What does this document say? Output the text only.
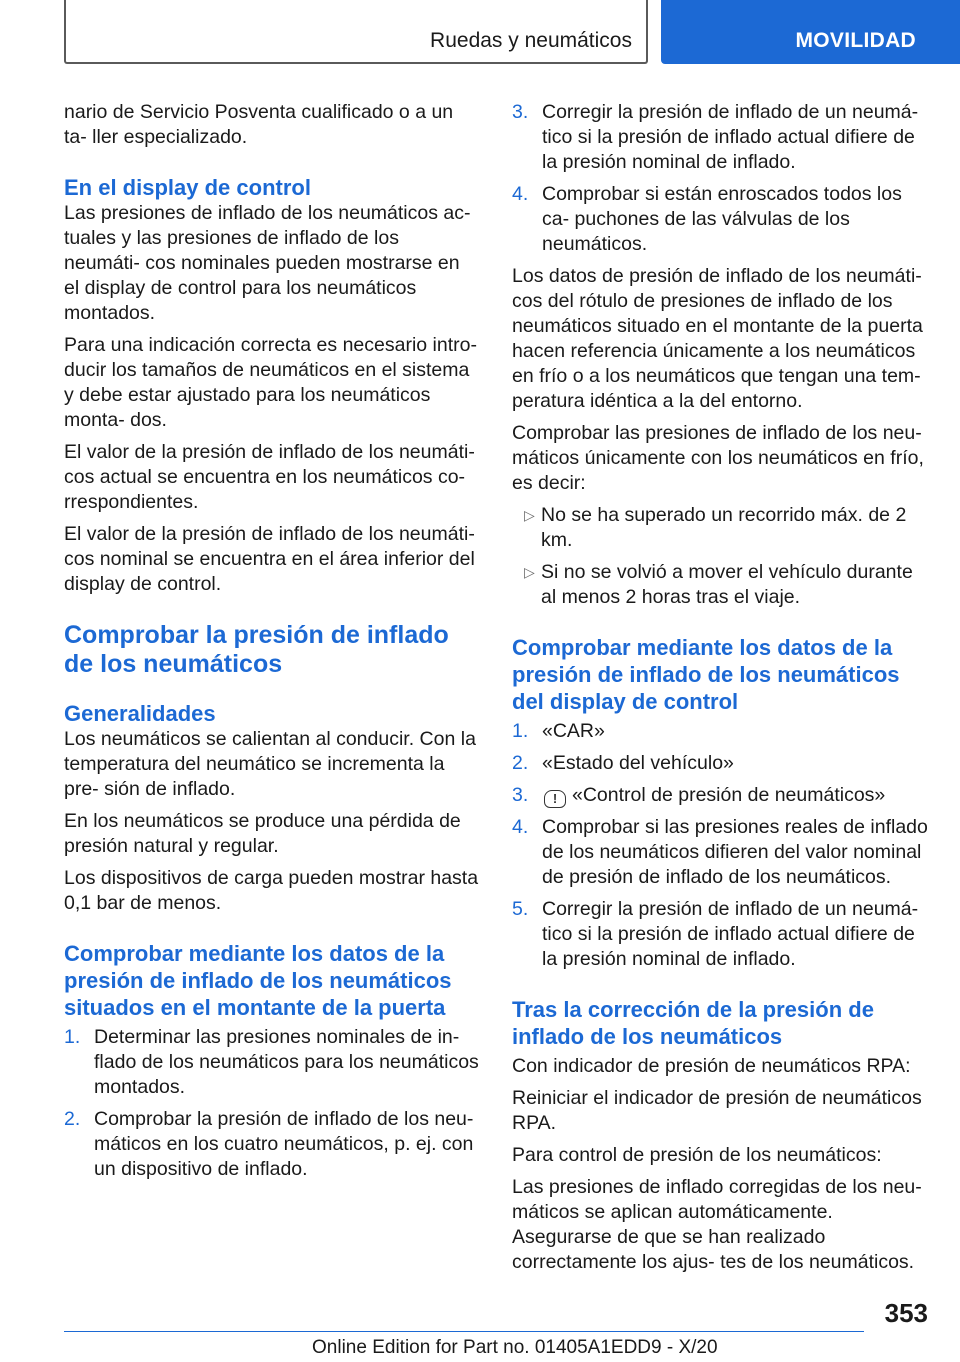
Ruedas y neumáticos	MOVILIDAD

nario de Servicio Posventa cualificado o a un ta‐ ller especializado.

En el display de control

Las presiones de inflado de los neumáticos ac‐ tuales y las presiones de inflado de los neumáti‐ cos nominales pueden mostrarse en el display de control para los neumáticos montados.

Para una indicación correcta es necesario intro‐ ducir los tamaños de neumáticos en el sistema y debe estar ajustado para los neumáticos monta‐ dos.

El valor de la presión de inflado de los neumáti‐ cos actual se encuentra en los neumáticos co‐ rrespondientes.

El valor de la presión de inflado de los neumáti‐ cos nominal se encuentra en el área inferior del display de control.

Comprobar la presión de inflado de los neumáticos
Generalidades

Los neumáticos se calientan al conducir. Con la temperatura del neumático se incrementa la pre‐ sión de inflado.

En los neumáticos se produce una pérdida de presión natural y regular.

Los dispositivos de carga pueden mostrar hasta 0,1 bar de menos.

Comprobar mediante los datos de la presión de inflado de los neumáticos situados en el montante de la puerta
1. Determinar las presiones nominales de in‐ flado de los neumáticos para los neumáticos montados.
2. Comprobar la presión de inflado de los neu‐ máticos en los cuatro neumáticos, p. ej. con un dispositivo de inflado.
3. Corregir la presión de inflado de un neumá‐ tico si la presión de inflado actual difiere de la presión nominal de inflado.
4. Comprobar si están enroscados todos los ca‐ puchones de las válvulas de los neumáticos.

Los datos de presión de inflado de los neumáti‐ cos del rótulo de presiones de inflado de los neumáticos situado en el montante de la puerta hacen referencia únicamente a los neumáticos en frío o a los neumáticos que tengan una tem‐ peratura idéntica a la del entorno.

Comprobar las presiones de inflado de los neu‐ máticos únicamente con los neumáticos en frío, es decir:

▷ No se ha superado un recorrido máx. de 2 km.
▷ Si no se volvió a mover el vehículo durante al menos 2 horas tras el viaje.
Comprobar mediante los datos de la presión de inflado de los neumáticos del display de control
1. «CAR»
2. «Estado del vehículo»
3. ! «Control de presión de neumáticos»
4. Comprobar si las presiones reales de inflado de los neumáticos difieren del valor nominal de presión de inflado de los neumáticos.
5. Corregir la presión de inflado de un neumá‐ tico si la presión de inflado actual difiere de la presión nominal de inflado.
Tras la corrección de la presión de inflado de los neumáticos

Con indicador de presión de neumáticos RPA:

Reiniciar el indicador de presión de neumáticos RPA.

Para control de presión de los neumáticos:

Las presiones de inflado corregidas de los neu‐ máticos se aplican automáticamente. Asegurarse de que se han realizado correctamente los ajus‐ tes de los neumáticos.

353
Online Edition for Part no. 01405A1EDD9 - X/20
